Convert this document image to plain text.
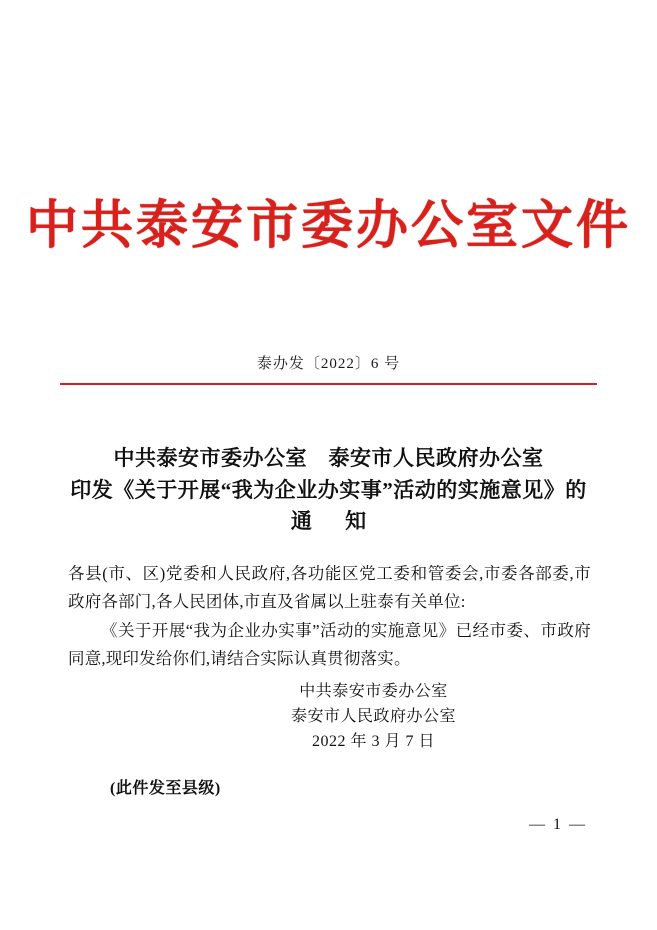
中共泰安市委办公室文件
泰办发〔2022〕6 号
中共泰安市委办公室　泰安市人民政府办公室
印发《关于开展“我为企业办实事”活动的实施意见》的
通 知

各县(市、区)党委和人民政府,各功能区党工委和管委会,市委各部委,市政府各部门,各人民团体,市直及省属以上驻泰有关单位:

《关于开展“我为企业办实事”活动的实施意见》已经市委、市政府同意,现印发给你们,请结合实际认真贯彻落实。

中共泰安市委办公室
泰安市人民政府办公室
2022 年 3 月 7 日
(此件发至县级)
— 1 —
